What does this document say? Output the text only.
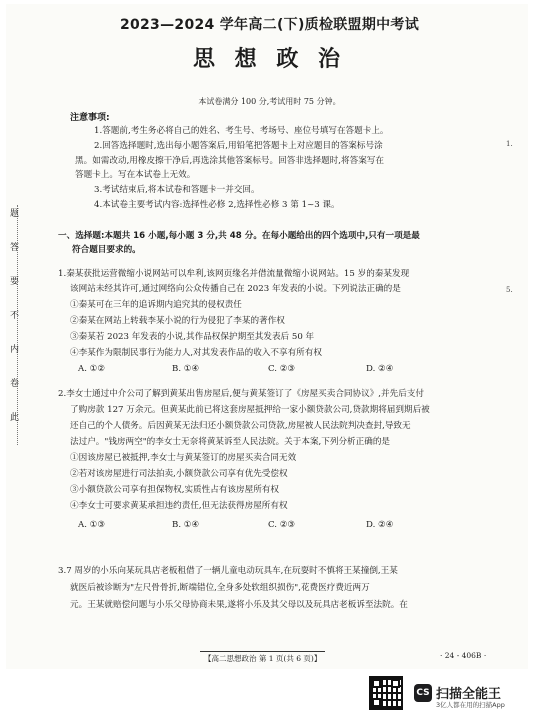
题
答
要
不
内
卷
此
1.
5.
2023—2024 学年高二(下)质检联盟期中考试
思 想 政 治
本试卷满分 100 分,考试用时 75 分钟。
注意事项:
1.答题前,考生务必将自己的姓名、考生号、考场号、座位号填写在答题卡上。
2.回答选择题时,选出每小题答案后,用铅笔把答题卡上对应题目的答案标号涂
黑。如需改动,用橡皮擦干净后,再选涂其他答案标号。回答非选择题时,将答案写在
答题卡上。写在本试卷上无效。
3.考试结束后,将本试卷和答题卡一并交回。
4.本试卷主要考试内容:选择性必修 2,选择性必修 3 第 1~3 课。
一、选择题:本题共 16 小题,每小题 3 分,共 48 分。在每小题给出的四个选项中,只有一项是最
符合题目要求的。
1.秦某获批运营微缩小说网站可以牟利,该网页缘名并借流量微缩小说网站。15 岁的秦某发现
该网站未经其许可,通过网络向公众传播自己在 2023 年发表的小说。下列说法正确的是
①秦某可在三年的追诉期内追究其的侵权责任
②秦某在网站上转载李某小说的行为侵犯了李某的著作权
③秦某若 2023 年发表的小说,其作品权保护期至其发表后 50 年
④李某作为限制民事行为能力人,对其发表作品的收入不享有所有权
A. ①②	B. ①④	C. ②③	D. ②④
2.李女士通过中介公司了解到黄某出售房屋后,便与黄某签订了《房屋买卖合同协议》,并先后支付
了购房款 127 万余元。但黄某此前已将这套房屋抵押给一家小额贷款公司,贷款期将届到期后被
还自己的个人债务。后因黄某无法归还小额贷款公司贷款,房屋被人民法院判决查封,导致无
法过户。"钱房两空"的李女士无奈将黄某诉至人民法院。关于本案,下列分析正确的是
①因该房屋已被抵押,李女士与黄某签订的房屋买卖合同无效
②若对该房屋进行司法拍卖,小额贷款公司享有优先受偿权
③小额贷款公司享有担保物权,实质性占有该房屋所有权
④李女士可要求黄某承担违约责任,但无法获得房屋所有权
A. ①③	B. ①④	C. ②③	D. ②④
3.7 周岁的小乐向某玩具店老板租借了一辆儿童电动玩具车,在玩耍时不慎将王某撞倒,王某
就医后被诊断为"左尺骨骨折,断端错位,全身多处软组织损伤",花费医疗费近两万
元。王某就赔偿问题与小乐父母协商未果,遂将小乐及其父母以及玩具店老板诉至法院。在
【高二思想政治 第 1 页(共 6 页)】	· 24 - 406B ·
CS 扫描全能王
3亿人都在用的扫描App
